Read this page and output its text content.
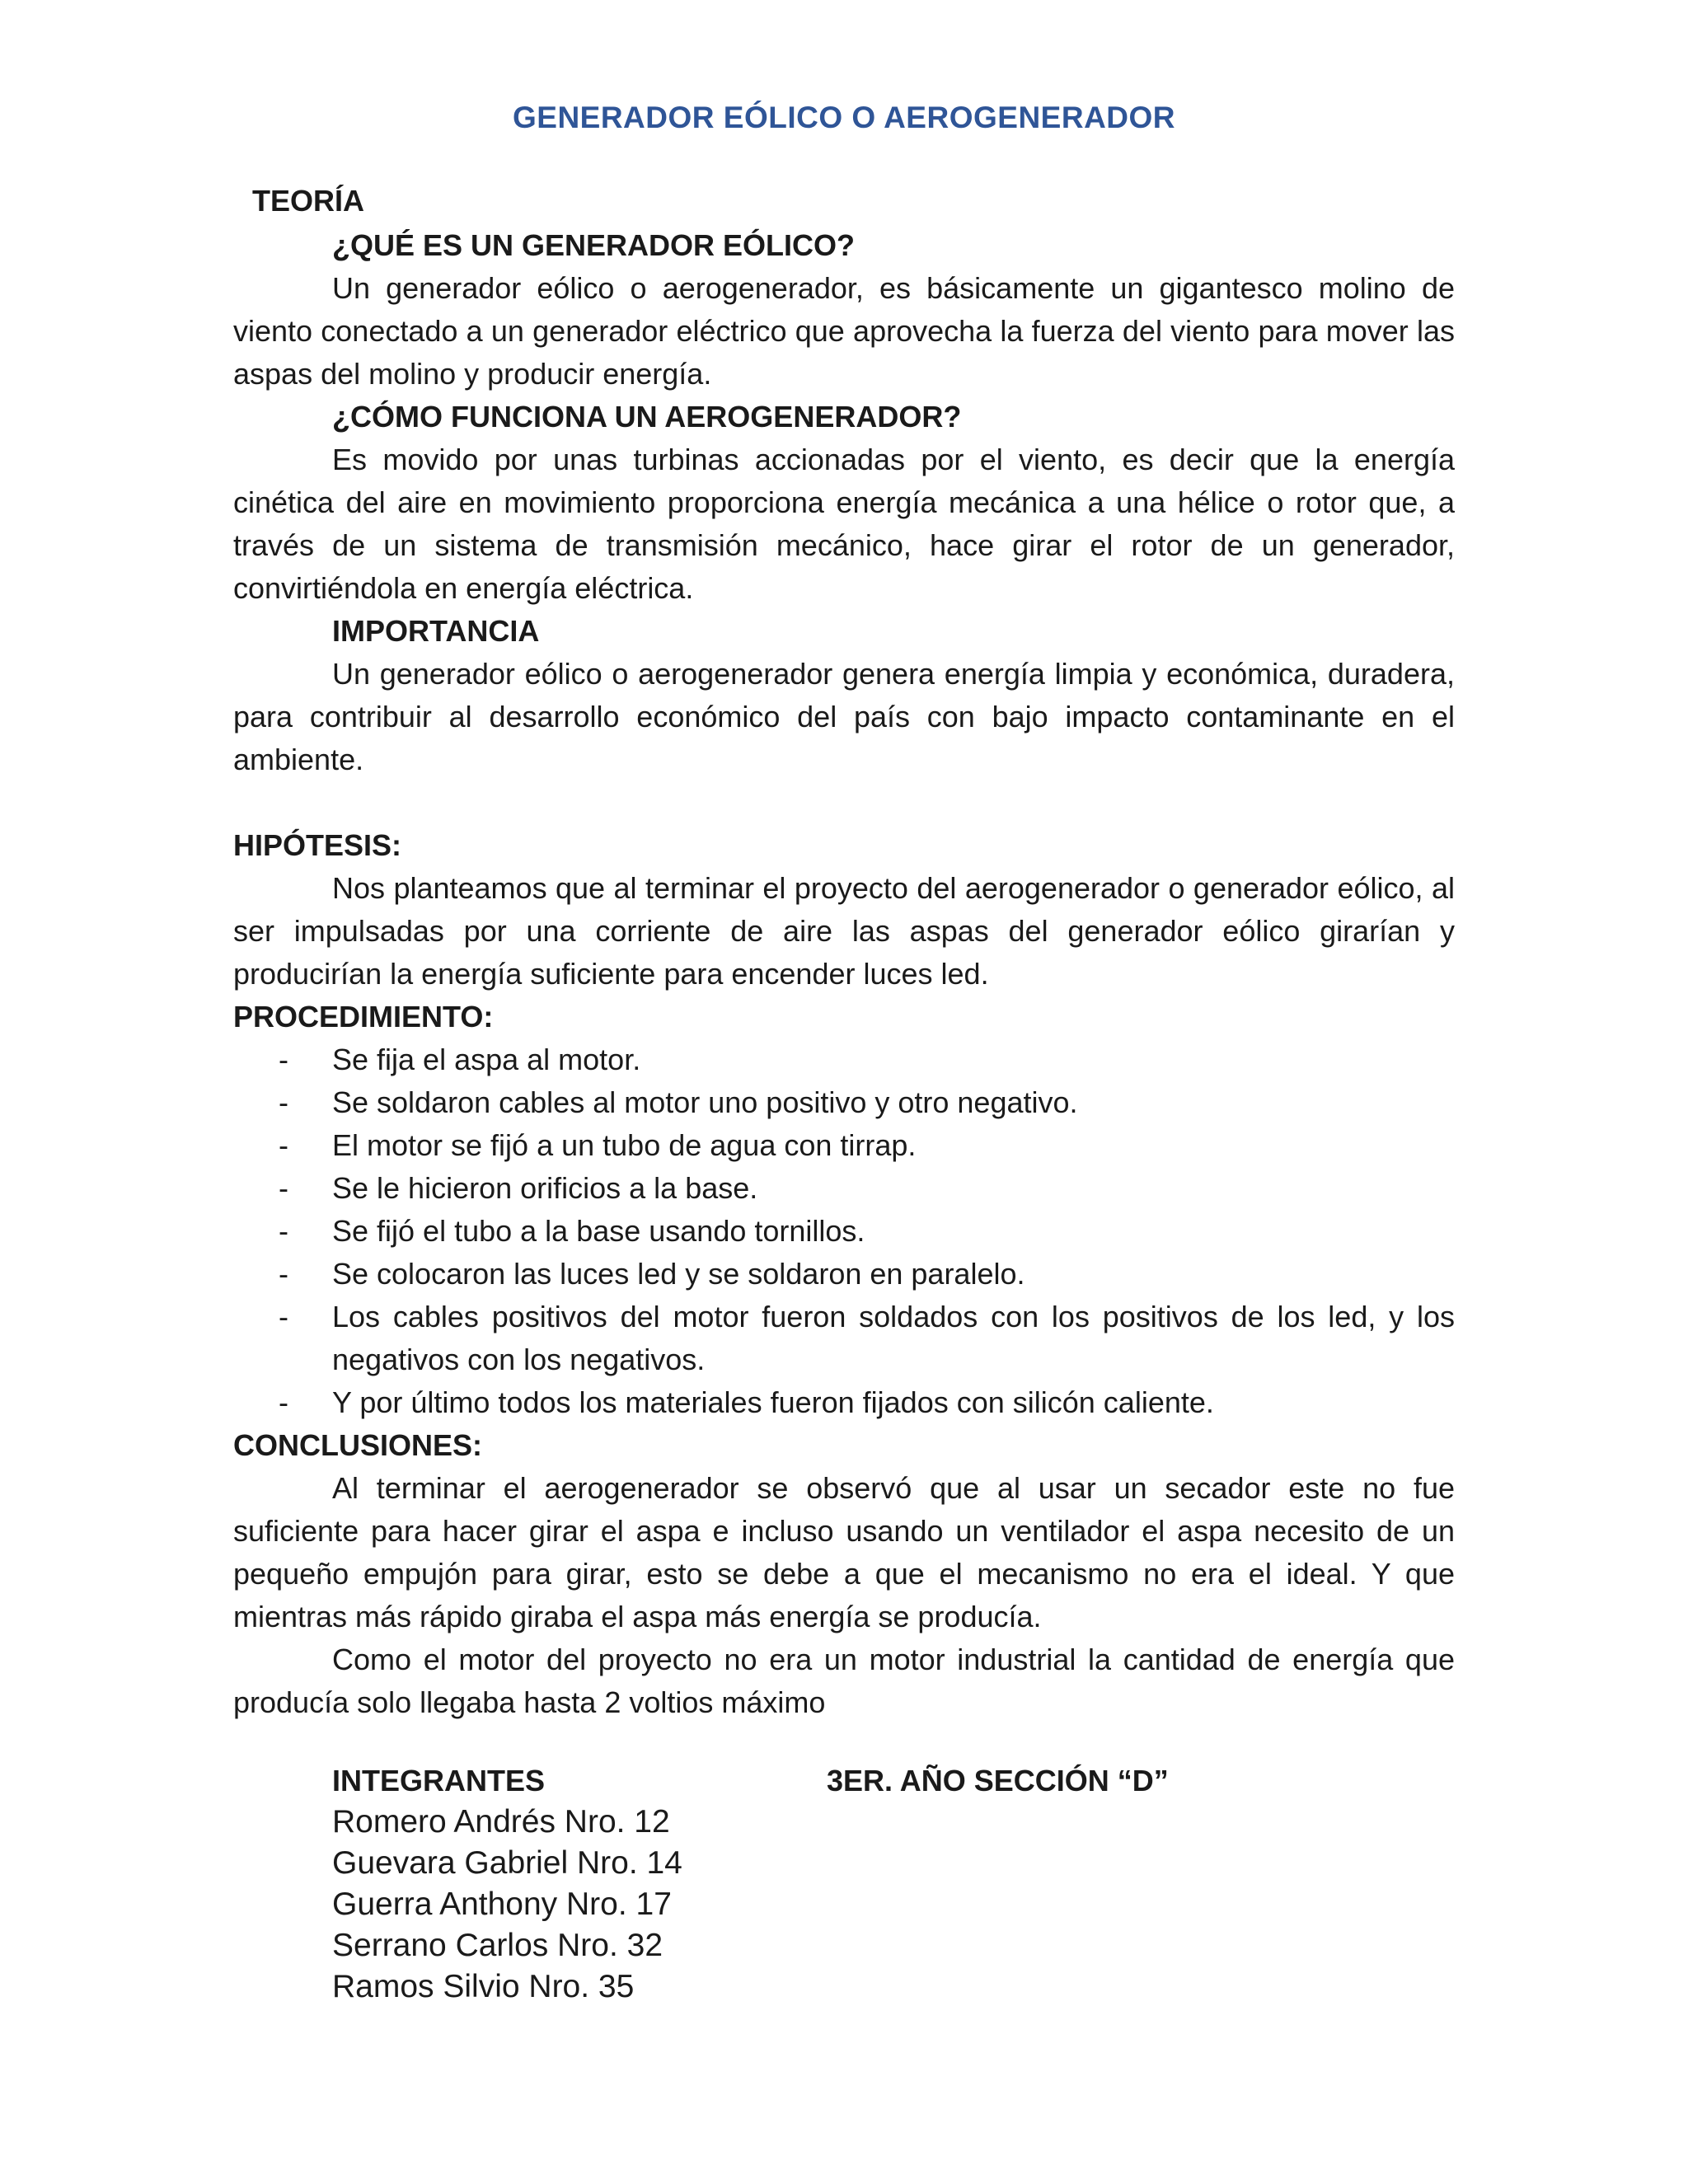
GENERADOR EÓLICO O AEROGENERADOR

TEORÍA

¿QUÉ ES UN GENERADOR EÓLICO?

Un generador eólico o aerogenerador, es básicamente un gigantesco molino de viento conectado a un generador eléctrico que aprovecha la fuerza del viento para mover las aspas del molino y producir energía.

¿CÓMO FUNCIONA UN AEROGENERADOR?

Es movido por unas turbinas accionadas por el viento, es decir que la energía cinética del aire en movimiento proporciona energía mecánica a una hélice o rotor que, a través de un sistema de transmisión mecánico, hace girar el rotor de un generador, convirtiéndola en energía eléctrica.

IMPORTANCIA

Un generador eólico o aerogenerador genera energía limpia y económica, duradera, para contribuir al desarrollo económico del país con bajo impacto contaminante en el ambiente.

HIPÓTESIS:

Nos planteamos que al terminar el proyecto del aerogenerador o generador eólico, al ser impulsadas por una corriente de aire las aspas del generador eólico girarían y producirían la energía suficiente para encender luces led.

PROCEDIMIENTO:

- Se fija el aspa al motor.
- Se soldaron cables al motor uno positivo y otro negativo.
- El motor se fijó a un tubo de agua con tirrap.
- Se le hicieron orificios a la base.
- Se fijó el tubo a la base usando tornillos.
- Se colocaron las luces led y se soldaron en paralelo.
- Los cables positivos del motor fueron soldados con los positivos de los led, y los negativos con los negativos.
- Y por último todos los materiales fueron fijados con silicón caliente.

CONCLUSIONES:

Al terminar el aerogenerador se observó que al usar un secador este no fue suficiente para hacer girar el aspa e incluso usando un ventilador el aspa necesito de un pequeño empujón para girar, esto se debe a que el mecanismo no era el ideal. Y que mientras más rápido giraba el aspa más energía se producía.

Como el motor del proyecto no era un motor industrial la cantidad de energía que producía solo llegaba hasta 2 voltios máximo

INTEGRANTES

Romero Andrés Nro. 12

Guevara Gabriel Nro. 14

Guerra Anthony Nro. 17

Serrano Carlos Nro. 32

Ramos Silvio Nro. 35

3ER. AÑO SECCIÓN “D”
